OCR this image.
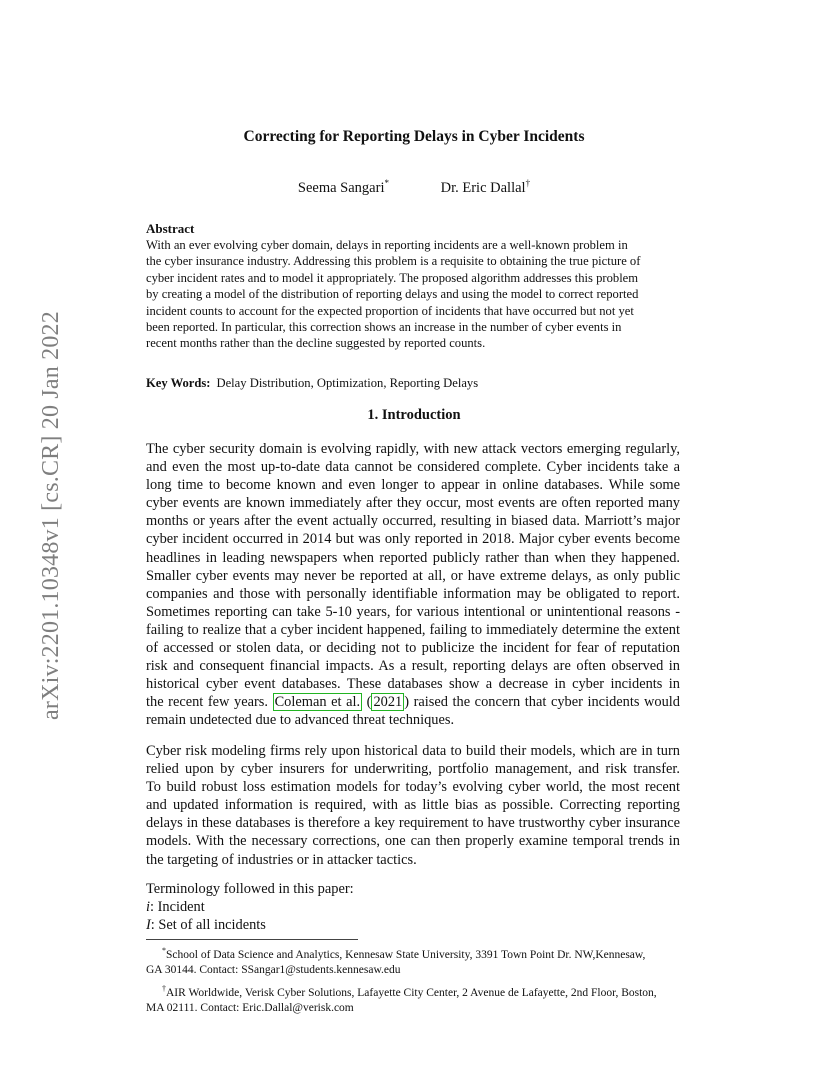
arXiv:2201.10348v1 [cs.CR] 20 Jan 2022
Correcting for Reporting Delays in Cyber Incidents
Seema Sangari*	Dr. Eric Dallal†
Abstract
With an ever evolving cyber domain, delays in reporting incidents are a well-known problem in
the cyber insurance industry. Addressing this problem is a requisite to obtaining the true picture of
cyber incident rates and to model it appropriately. The proposed algorithm addresses this problem
by creating a model of the distribution of reporting delays and using the model to correct reported
incident counts to account for the expected proportion of incidents that have occurred but not yet
been reported. In particular, this correction shows an increase in the number of cyber events in
recent months rather than the decline suggested by reported counts.
Key Words: Delay Distribution, Optimization, Reporting Delays
1. Introduction
The cyber security domain is evolving rapidly, with new attack vectors emerging regularly,
and even the most up-to-date data cannot be considered complete. Cyber incidents take a
long time to become known and even longer to appear in online databases. While some
cyber events are known immediately after they occur, most events are often reported many
months or years after the event actually occurred, resulting in biased data. Marriott’s major
cyber incident occurred in 2014 but was only reported in 2018. Major cyber events become
headlines in leading newspapers when reported publicly rather than when they happened.
Smaller cyber events may never be reported at all, or have extreme delays, as only public
companies and those with personally identifiable information may be obligated to report.
Sometimes reporting can take 5-10 years, for various intentional or unintentional reasons -
failing to realize that a cyber incident happened, failing to immediately determine the extent
of accessed or stolen data, or deciding not to publicize the incident for fear of reputation
risk and consequent financial impacts. As a result, reporting delays are often observed in
historical cyber event databases. These databases show a decrease in cyber incidents in
the recent few years. Coleman et al. ( 2021 ) raised the concern that cyber incidents would
remain undetected due to advanced threat techniques.
Cyber risk modeling firms rely upon historical data to build their models, which are in turn
relied upon by cyber insurers for underwriting, portfolio management, and risk transfer.
To build robust loss estimation models for today’s evolving cyber world, the most recent
and updated information is required, with as little bias as possible. Correcting reporting
delays in these databases is therefore a key requirement to have trustworthy cyber insurance
models. With the necessary corrections, one can then properly examine temporal trends in
the targeting of industries or in attacker tactics.
Terminology followed in this paper:
i: Incident
I: Set of all incidents
*School of Data Science and Analytics, Kennesaw State University, 3391 Town Point Dr. NW,Kennesaw,
GA 30144. Contact: SSangar1@students.kennesaw.edu
†AIR Worldwide, Verisk Cyber Solutions, Lafayette City Center, 2 Avenue de Lafayette, 2nd Floor, Boston,
MA 02111. Contact: Eric.Dallal@verisk.com
